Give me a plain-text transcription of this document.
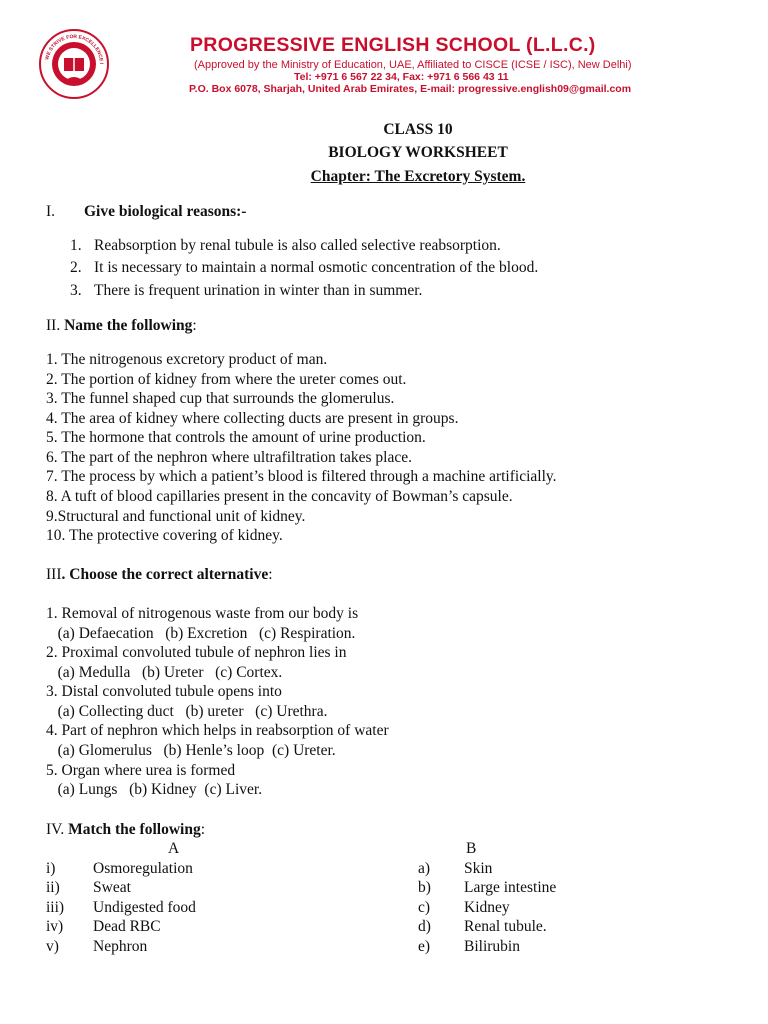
WE STRIVE FOR EXCELLENCE I
PROGRESSIVE ENGLISH SCHOOL (L.L.C.)
(Approved by the Ministry of Education, UAE, Affiliated to CISCE (ICSE / ISC), New Delhi)
Tel: +971 6 567 22 34, Fax: +971 6 566 43 11
P.O. Box 6078, Sharjah, United Arab Emirates, E-mail: progressive.english09@gmail.com
CLASS 10
BIOLOGY WORKSHEET
Chapter: The Excretory System.
I. Give biological reasons:-
1. Reabsorption by renal tubule is also called selective reabsorption.
2. It is necessary to maintain a normal osmotic concentration of the blood.
3. There is frequent urination in winter than in summer.
II. Name the following:
1. The nitrogenous excretory product of man.
2. The portion of kidney from where the ureter comes out.
3. The funnel shaped cup that surrounds the glomerulus.
4. The area of kidney where collecting ducts are present in groups.
5. The hormone that controls the amount of urine production.
6. The part of the nephron where ultrafiltration takes place.
7. The process by which a patient’s blood is filtered through a machine artificially.
8. A tuft of blood capillaries present in the concavity of Bowman’s capsule.
9.Structural and functional unit of kidney.
10. The protective covering of kidney.
III. Choose the correct alternative:
1. Removal of nitrogenous waste from our body is
(a) Defaecation   (b) Excretion   (c) Respiration.
2. Proximal convoluted tubule of nephron lies in
(a) Medulla   (b) Ureter   (c) Cortex.
3. Distal convoluted tubule opens into
(a) Collecting duct   (b) ureter   (c) Urethra.
4. Part of nephron which helps in reabsorption of water
(a) Glomerulus   (b) Henle’s loop  (c) Ureter.
5. Organ where urea is formed
(a) Lungs   (b) Kidney  (c) Liver.
IV. Match the following:
A	B
i) Osmoregulation	a) Skin
ii) Sweat	b) Large intestine
iii) Undigested food	c) Kidney
iv) Dead RBC	d) Renal tubule.
v) Nephron	e) Bilirubin
